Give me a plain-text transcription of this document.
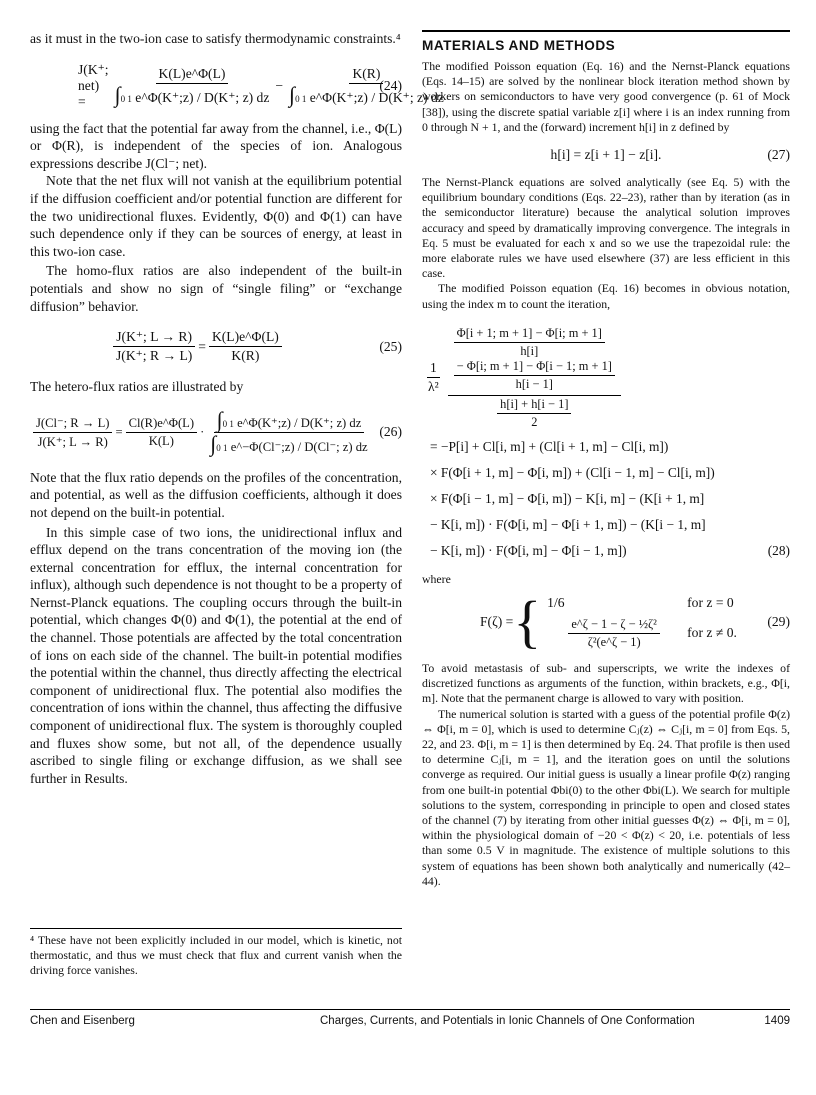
as it must in the two-ion case to satisfy thermodynamic constraints.⁴

J(K⁺; net) =	$\frac{K(L)e\^{}\Phi(L)}{\int 0 1 e\^{}\Phi(K^+;z) / D(K^+; z) dz} - \frac{K(R)}{\int 0 1 e\^{}\Phi(K^+;z) / D(K^+; z) dz}$
(24)

using the fact that the potential far away from the channel, i.e., Φ(L) or Φ(R), is independent of the species of ion. Analogous expressions describe J(Cl⁻; net).

Note that the net flux will not vanish at the equilibrium potential if the diffusion coefficient and/or potential function are different for the two unidirectional fluxes. Evidently, Φ(0) and Φ(1) can have such dependence only if they can be sources of energy, at least in this two-ion case.

The homo-flux ratios are also independent of the built-in potentials and show no sign of “single filing” or “exchange diffusion” behavior.

$\frac{J(K^+; L \to R)}{J(K^+; R \to L)} = \frac{K(L)e\^{}\Phi(L)}{K(R)}$	(25)

The hetero-flux ratios are illustrated by

$\frac{J(Cl^-; R \to L)}{J(K^+; L \to R)} = \frac{Cl(R)e\^{}\Phi(L)}{K(L)} \cdot \frac{\int 0 1 e\^{}\Phi(K^+;z) / D(K^+; z) dz}{\int 0 1 e\^{}-\Phi(Cl^-;z) / D(Cl^-; z) dz} (26)$

Note that the flux ratio depends on the profiles of the concentration, and potential, as well as the diffusion coefficients, although it does not depend on the built-in potential.

In this simple case of two ions, the unidirectional influx and efflux depend on the trans concentration of the moving ion (the external concentration for efflux, the internal concentration for influx), although such dependence is not thought to be a property of Nernst-Planck equations. The coupling occurs through the built-in potential, which changes Φ(0) and Φ(1), the potential at the end of the channel. Those potentials are affected by the total concentration of ions on each side of the channel. The built-in potential modifies the potential within the channel, thus directly affecting the electrical component of unidirectional flux. The potential also modifies the concentration of ions within the channel, thus affecting the diffusive component of unidirectional flux. The system is thoroughly coupled and fluxes show some, but not all, of the dependence usually ascribed to single filing or exchange diffusion, as we shall see further in Results.

⁴ These have not been explicitly included in our model, which is kinetic, not thermostatic, and thus we must check that flux and current vanish when the driving force vanishes.

MATERIALS AND METHODS

The modified Poisson equation (Eq. 16) and the Nernst-Planck equations (Eqs. 14–15) are solved by the nonlinear block iteration method shown by workers on semiconductors to have very good convergence (p. 61 of Mock [38]), using the discrete spatial variable z[i] where i is an index running from 0 through N + 1, and the (forward) increment h[i] in z defined by

h[i] = z[i + 1] − z[i].	(27)

The Nernst-Planck equations are solved analytically (see Eq. 5) with the equilibrium boundary conditions (Eqs. 22–23), rather than by iteration (as in the semiconductor literature) because the analytical solution improves accuracy and speed by dramatically improving convergence. The integrals in Eq. 5 must be evaluated for each x and so we use the trapezoidal rule: the more elaborate rules we have used elsewhere (37) are less efficient in this case.

The modified Poisson equation (Eq. 16) becomes in obvious notation, using the index m to count the iteration,

$\frac{1}{\text{λ²}}$
$\frac{\Phi[i + 1; m + 1] - \Phi[i; m + 1]}{h[i]}$
$\frac{- \Phi[i; m + 1] - \Phi[i - 1; m + 1]}{h[i - 1]}$
$\frac{h[i] + h[i - 1]}{2}$
= −P[i] + Cl[i, m] + (Cl[i + 1, m] − Cl[i, m])
× F(Φ[i + 1, m] − Φ[i, m]) + (Cl[i − 1, m] − Cl[i, m])
× F(Φ[i − 1, m] − Φ[i, m]) − K[i, m] − (K[i + 1, m]
− K[i, m]) · F(Φ[i, m] − Φ[i + 1, m]) − (K[i − 1, m]
− K[i, m]) · F(Φ[i, m] − Φ[i − 1, m])	(28)

where

F(ζ) = { 1/6	for z = 0
$\frac{\text{e\textasciicircum{}ζ − 1 − ζ − ½ζ²}}{\text{ζ²(e\textasciicircum{}ζ − 1)}}$ for z ≠ 0.
(29)

To avoid metastasis of sub- and superscripts, we write the indexes of discretized functions as arguments of the function, within brackets, e.g., Φ[i, m]. Note that the permanent charge is allowed to vary with position.

The numerical solution is started with a guess of the potential profile Φ(z) ⇔ Φ[i, m = 0], which is used to determine Cⱼ(z) ⇔ Cⱼ[i, m = 0] from Eqs. 5, 22, and 23. Φ[i, m = 1] is then determined by Eq. 24. That profile is then used to determine Cⱼ[i, m = 1], and the iteration goes on until the solutions converge as required. Our initial guess is usually a linear profile Φ(z) ranging from one built-in potential Φbi(0) to the other Φbi(L). We search for multiple solutions to the system, corresponding in principle to open and closed states of the channel (7) by iterating from other initial guesses Φ(z) ⇔ Φ[i, m = 0], within the physiological domain of −20 < Φ(z) < 20, i.e. potentials of less than some 0.5 V in magnitude. The existence of multiple solutions to this system of equations has been shown both analytically and numerically (42–44).

Chen and Eisenberg	Charges, Currents, and Potentials in Ionic Channels of One Conformation	1409
